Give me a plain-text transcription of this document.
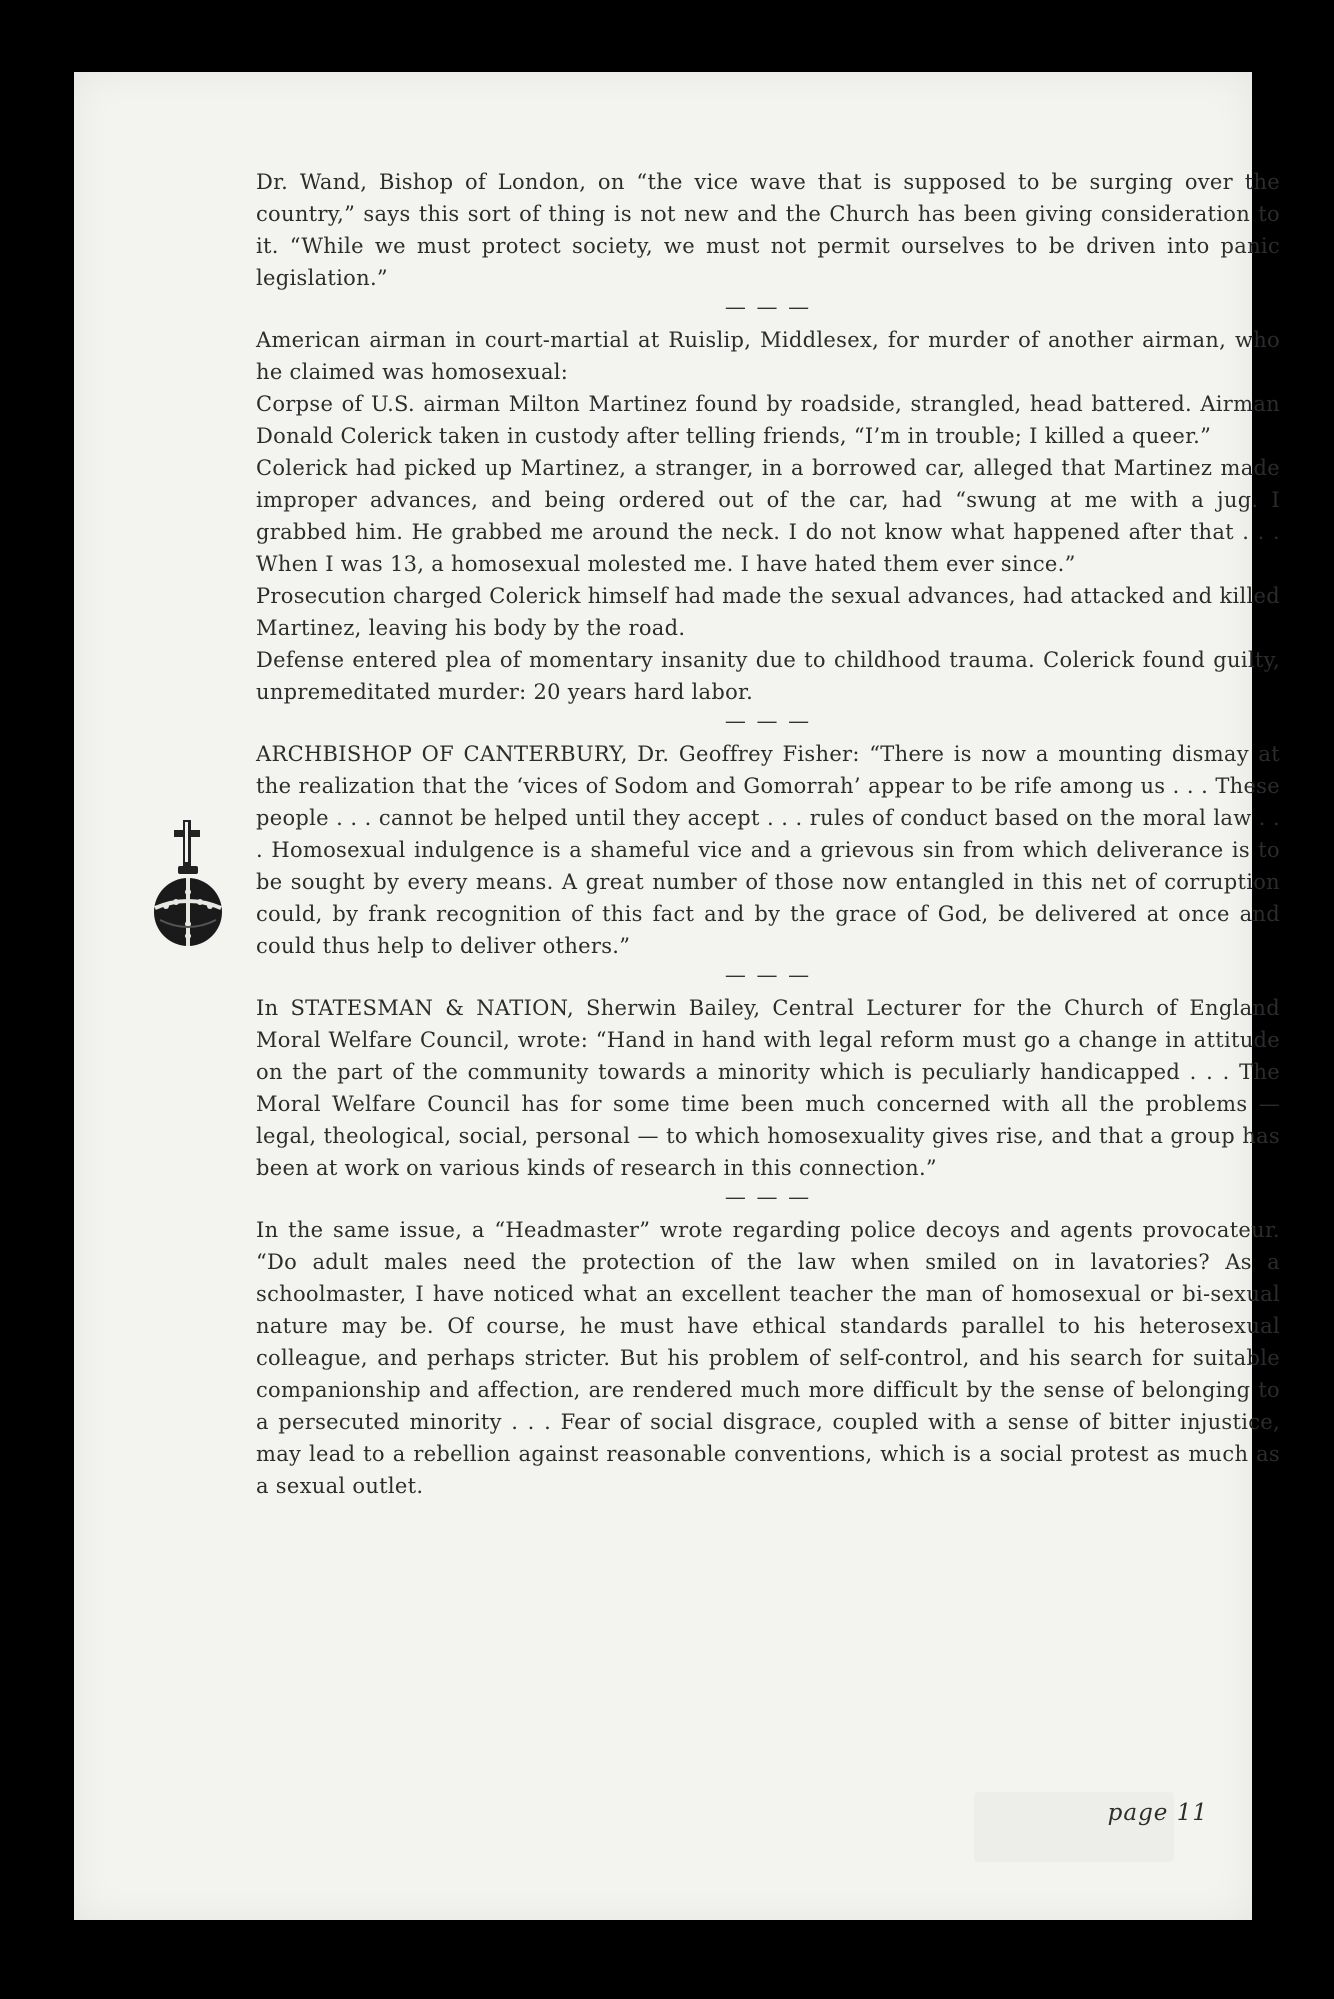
Dr. Wand, Bishop of London, on “the vice wave that is supposed to be surging over the country,” says this sort of thing is not new and the Church has been giving consideration to it. “While we must protect society, we must not permit ourselves to be driven into panic legislation.”

— — —

American airman in court-martial at Ruislip, Middlesex, for murder of another airman, who he claimed was homosexual:

Corpse of U.S. airman Milton Martinez found by roadside, strangled, head battered. Airman Donald Colerick taken in custody after telling friends, “I’m in trouble; I killed a queer.”

Colerick had picked up Martinez, a stranger, in a borrowed car, alleged that Martinez made improper advances, and being ordered out of the car, had “swung at me with a jug. I grabbed him. He grabbed me around the neck. I do not know what happened after that . . . When I was 13, a homosexual molested me. I have hated them ever since.”

Prosecution charged Colerick himself had made the sexual advances, had attacked and killed Martinez, leaving his body by the road.

Defense entered plea of momentary insanity due to childhood trauma. Colerick found guilty, unpremeditated murder: 20 years hard labor.

— — —

ARCHBISHOP OF CANTERBURY, Dr. Geoffrey Fisher: “There is now a mounting dismay at the realization that the ‘vices of Sodom and Gomorrah’ appear to be rife among us . . . These people . . . cannot be helped until they accept . . . rules of conduct based on the moral law . . . Homosexual indulgence is a shameful vice and a grievous sin from which deliverance is to be sought by every means. A great number of those now entangled in this net of corruption could, by frank recognition of this fact and by the grace of God, be delivered at once and could thus help to deliver others.”

— — —

In STATESMAN & NATION, Sherwin Bailey, Central Lecturer for the Church of England Moral Welfare Council, wrote: “Hand in hand with legal reform must go a change in attitude on the part of the community towards a minority which is peculiarly handicapped . . . The Moral Welfare Council has for some time been much concerned with all the problems — legal, theological, social, personal — to which homosexuality gives rise, and that a group has been at work on various kinds of research in this connection.”

— — —

In the same issue, a “Headmaster” wrote regarding police decoys and agents provocateur. “Do adult males need the protection of the law when smiled on in lavatories? As a schoolmaster, I have noticed what an excellent teacher the man of homosexual or bi-sexual nature may be. Of course, he must have ethical standards parallel to his heterosexual colleague, and perhaps stricter. But his problem of self-control, and his search for suitable companionship and affection, are rendered much more difficult by the sense of belonging to a persecuted minority . . . Fear of social disgrace, coupled with a sense of bitter injustice, may lead to a rebellion against reasonable conventions, which is a social protest as much as a sexual outlet.

page 11
